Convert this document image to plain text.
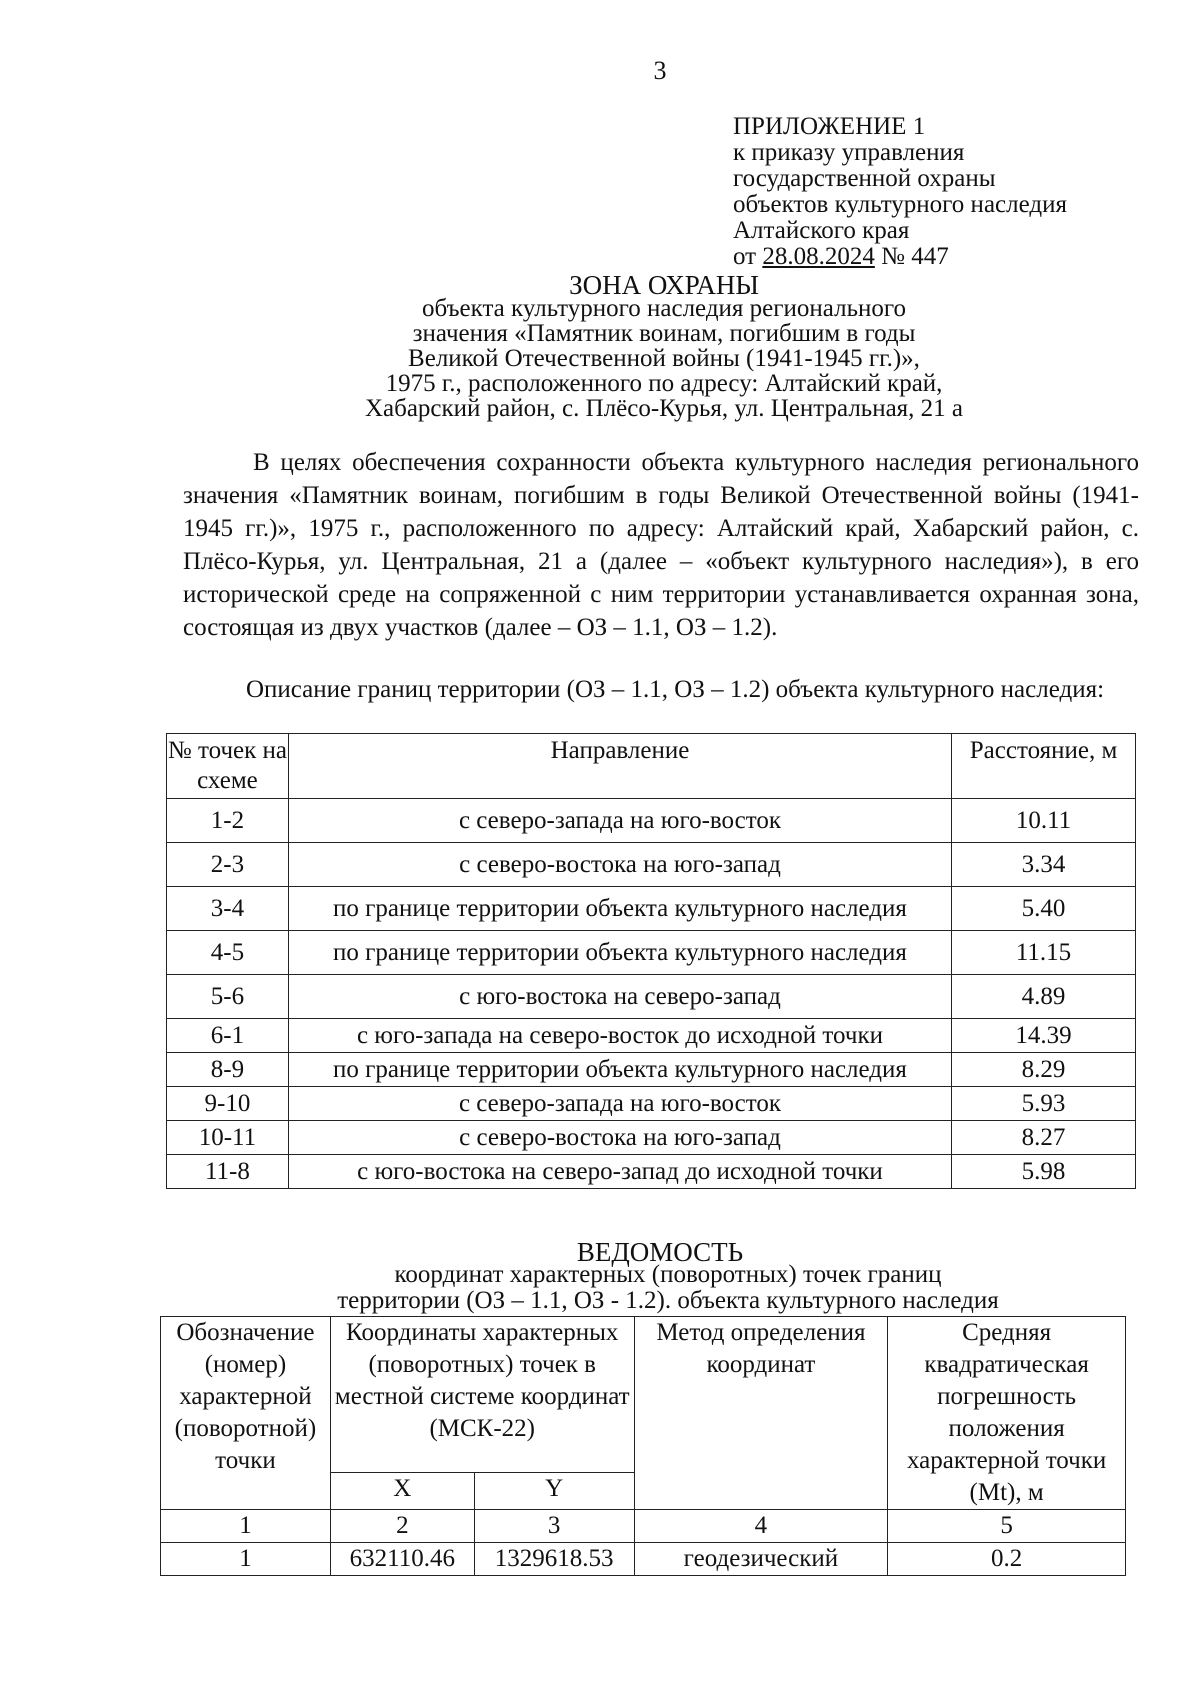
3
ПРИЛОЖЕНИЕ 1
к приказу управления
государственной охраны
объектов культурного наследия
Алтайского края
от 28.08.2024 № 447
ЗОНА ОХРАНЫ
объекта культурного наследия регионального
значения «Памятник воинам, погибшим в годы
Великой Отечественной войны (1941-1945 гг.)»,
1975 г., расположенного по адресу: Алтайский край,
Хабарский район, с. Плёсо-Курья, ул. Центральная, 21 а
В целях обеспечения сохранности объекта культурного наследия регионального значения «Памятник воинам, погибшим в годы Великой Отечественной войны (1941-1945 гг.)», 1975 г., расположенного по адресу: Алтайский край, Хабарский район, с. Плёсо-Курья, ул. Центральная, 21 а (далее – «объект культурного наследия»), в его исторической среде на сопряженной с ним территории устанавливается охранная зона, состоящая из двух участков (далее – ОЗ – 1.1, ОЗ – 1.2).
Описание границ территории (ОЗ – 1.1, ОЗ – 1.2) объекта культурного наследия:
№ точек на схеме	Направление	Расстояние, м
1-2	с северо-запада на юго-восток	10.11
2-3	с северо-востока на юго-запад	3.34
3-4	по границе территории объекта культурного наследия	5.40
4-5	по границе территории объекта культурного наследия	11.15
5-6	с юго-востока на северо-запад	4.89
6-1	с юго-запада на северо-восток до исходной точки	14.39
8-9	по границе территории объекта культурного наследия	8.29
9-10	с северо-запада на юго-восток	5.93
10-11	с северо-востока на юго-запад	8.27
11-8	с юго-востока на северо-запад до исходной точки	5.98
ВЕДОМОСТЬ
координат характерных (поворотных) точек границ
территории (ОЗ – 1.1, ОЗ - 1.2). объекта культурного наследия
Обозначение (номер) характерной (поворотной) точки	Координаты характерных (поворотных) точек в местной системе координат (МСК-22)		Метод определения координат	Средняя квадратическая погрешность положения характерной точки (Mt), м
	X	Y		
1	2	3	4	5
1	632110.46	1329618.53	геодезический	0.2
